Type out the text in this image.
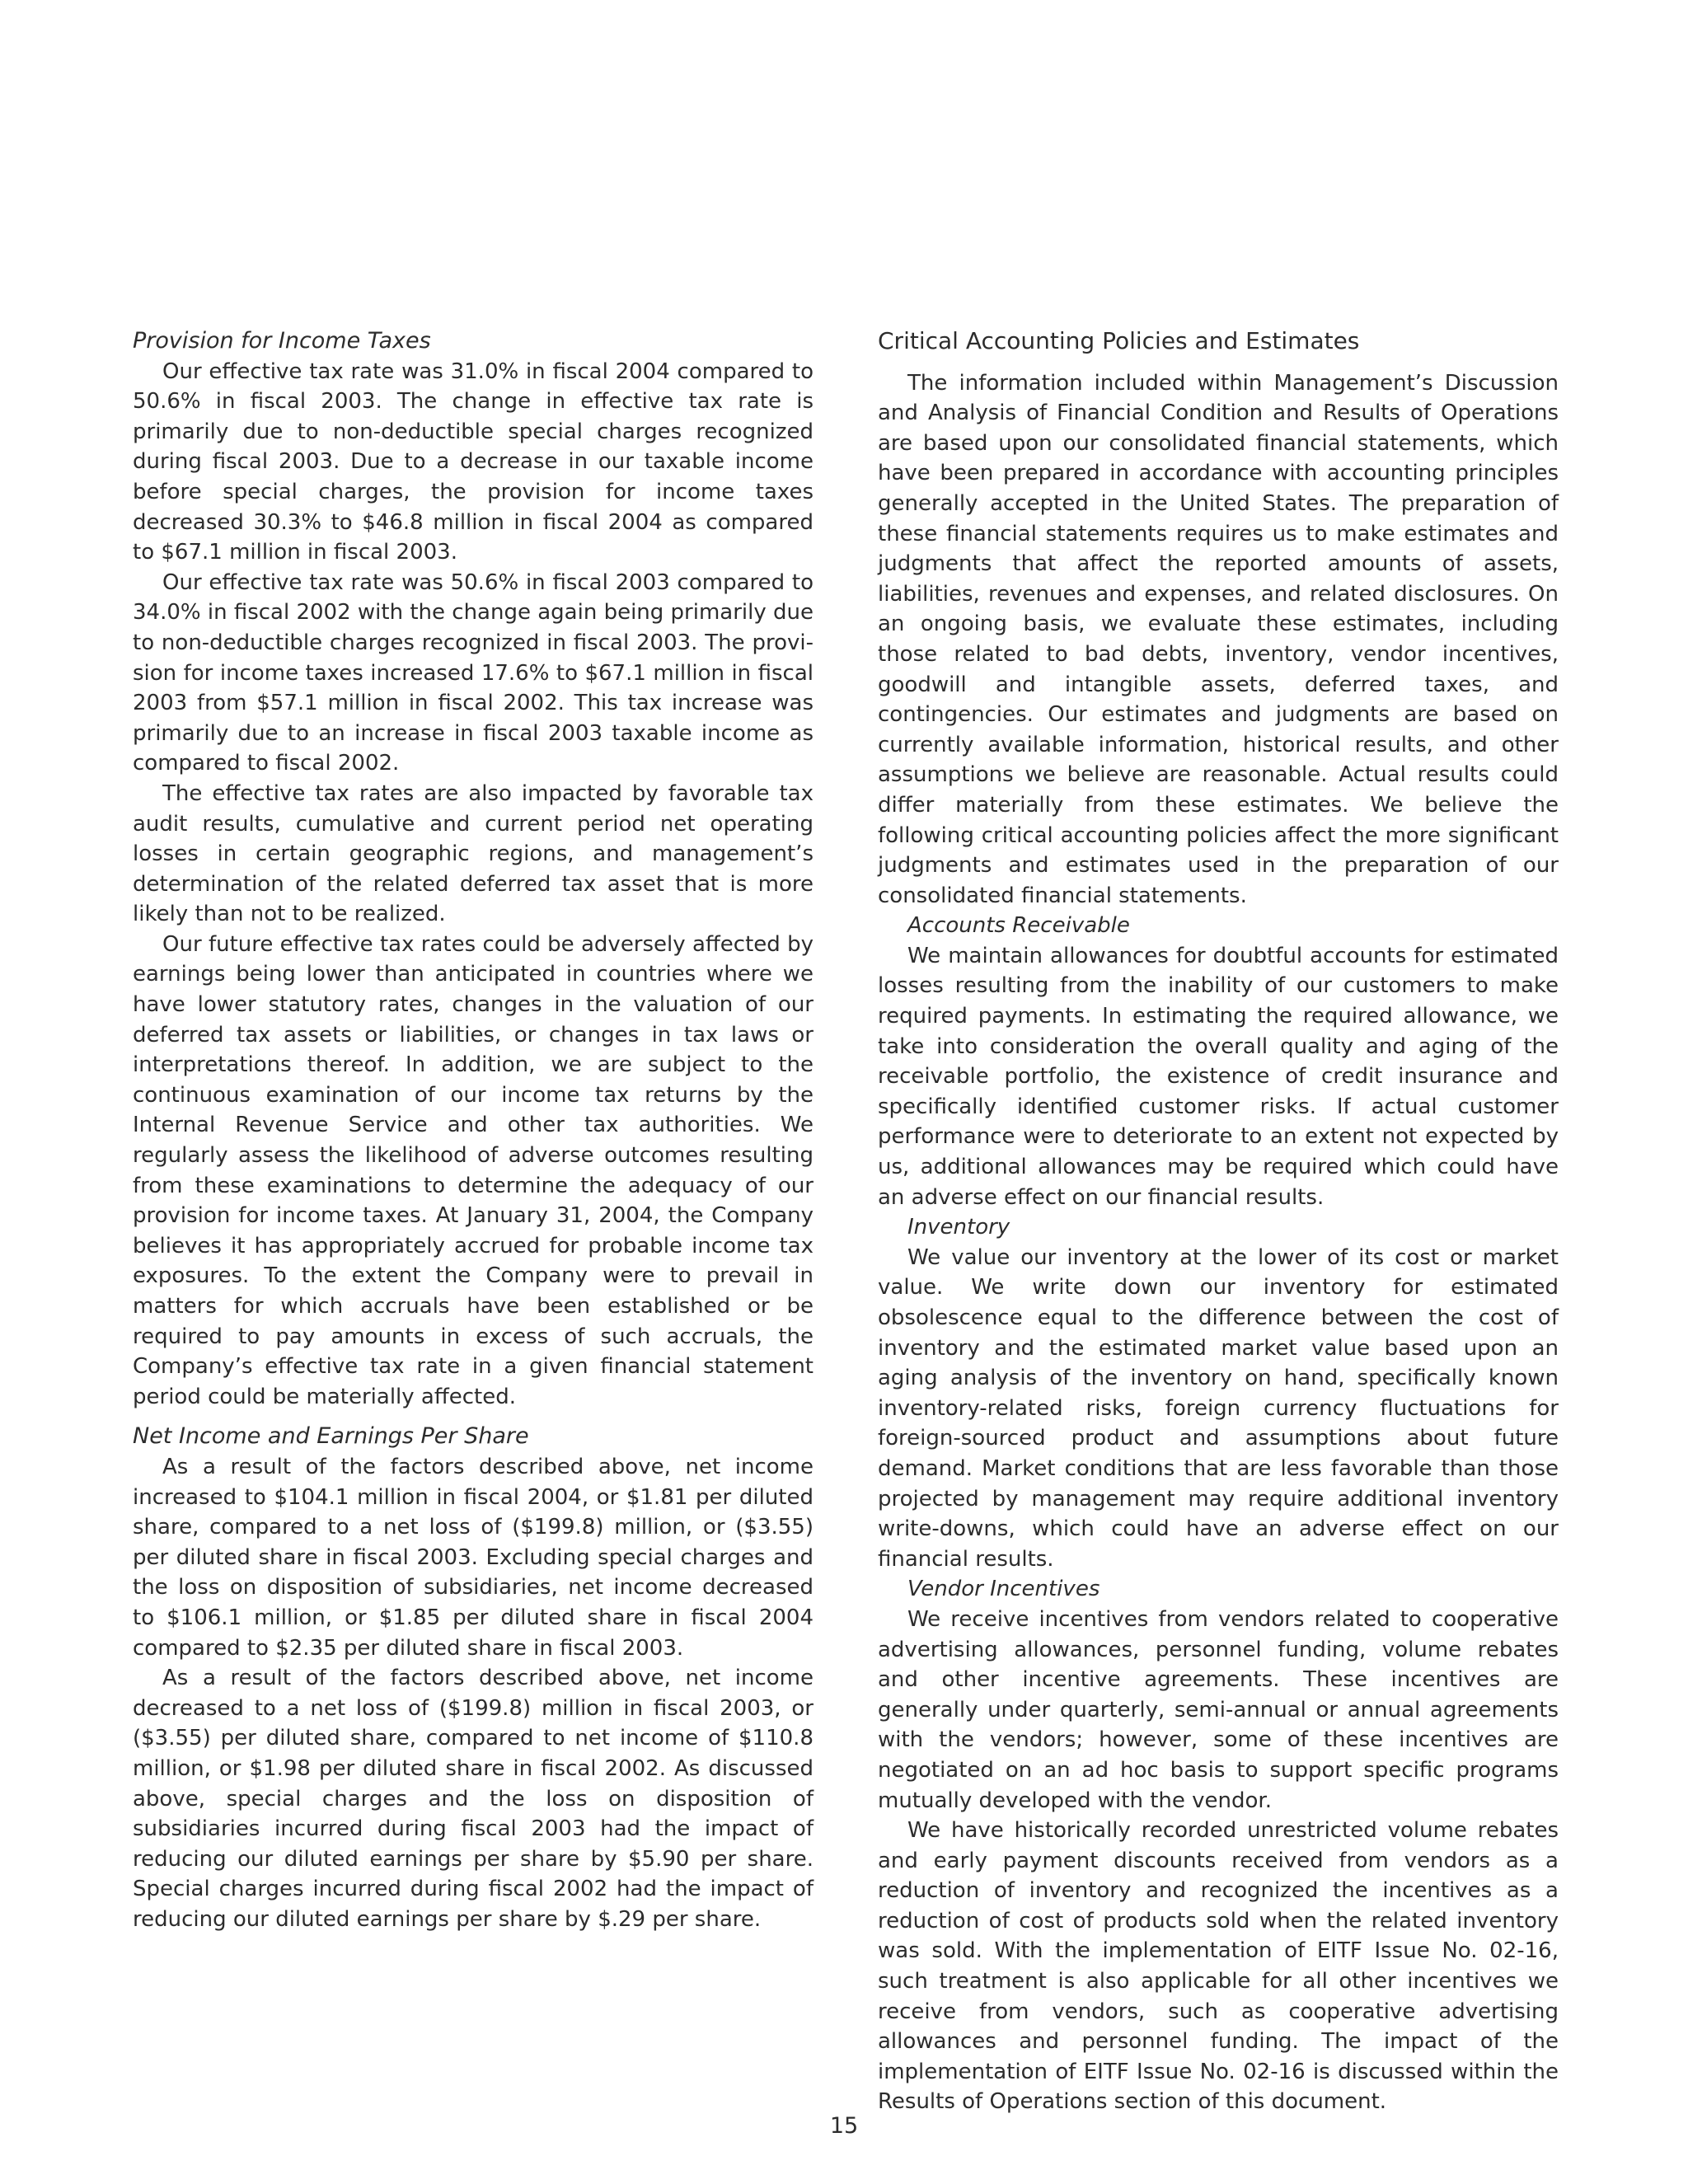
Provision for Income Taxes

Our effective tax rate was 31.0% in fiscal 2004 compared to 50.6% in fiscal 2003. The change in effective tax rate is primarily due to non-deductible special charges recognized during fiscal 2003. Due to a decrease in our taxable income before special charges, the provision for income taxes decreased 30.3% to $46.8 million in fiscal 2004 as compared to $67.1 million in fiscal 2003.

Our effective tax rate was 50.6% in fiscal 2003 compared to 34.0% in fiscal 2002 with the change again being primarily due to non-deductible charges recognized in fiscal 2003. The provision for income taxes increased 17.6% to $67.1 million in fiscal 2003 from $57.1 million in fiscal 2002. This tax increase was primarily due to an increase in fiscal 2003 taxable income as compared to fiscal 2002.

The effective tax rates are also impacted by favorable tax audit results, cumulative and current period net operating losses in certain geographic regions, and management’s determination of the related deferred tax asset that is more likely than not to be realized.

Our future effective tax rates could be adversely affected by earnings being lower than anticipated in countries where we have lower statutory rates, changes in the valuation of our deferred tax assets or liabilities, or changes in tax laws or interpretations thereof. In addition, we are subject to the continuous examination of our income tax returns by the Internal Revenue Service and other tax authorities. We regularly assess the likelihood of adverse outcomes resulting from these examinations to determine the adequacy of our provision for income taxes. At January 31, 2004, the Company believes it has appropriately accrued for probable income tax exposures. To the extent the Company were to prevail in matters for which accruals have been established or be required to pay amounts in excess of such accruals, the Company’s effective tax rate in a given financial statement period could be materially affected.

Net Income and Earnings Per Share

As a result of the factors described above, net income increased to $104.1 million in fiscal 2004, or $1.81 per diluted share, compared to a net loss of ($199.8) million, or ($3.55) per diluted share in fiscal 2003. Excluding special charges and the loss on disposition of subsidiaries, net income decreased to $106.1 million, or $1.85 per diluted share in fiscal 2004 compared to $2.35 per diluted share in fiscal 2003.

As a result of the factors described above, net income decreased to a net loss of ($199.8) million in fiscal 2003, or ($3.55) per diluted share, compared to net income of $110.8 million, or $1.98 per diluted share in fiscal 2002. As discussed above, special charges and the loss on disposition of subsidiaries incurred during fiscal 2003 had the impact of reducing our diluted earnings per share by $5.90 per share. Special charges incurred during fiscal 2002 had the impact of reducing our diluted earnings per share by $.29 per share.

Critical Accounting Policies and Estimates

The information included within Management’s Discussion and Analysis of Financial Condition and Results of Operations are based upon our consolidated financial statements, which have been prepared in accordance with accounting principles generally accepted in the United States. The preparation of these financial statements requires us to make estimates and judgments that affect the reported amounts of assets, liabilities, revenues and expenses, and related disclosures. On an ongoing basis, we evaluate these estimates, including those related to bad debts, inventory, vendor incentives, goodwill and intangible assets, deferred taxes, and contingencies. Our estimates and judgments are based on currently available information, historical results, and other assumptions we believe are reasonable. Actual results could differ materially from these estimates. We believe the following critical accounting policies affect the more significant judgments and estimates used in the preparation of our consolidated financial statements.

Accounts Receivable

We maintain allowances for doubtful accounts for estimated losses resulting from the inability of our customers to make required payments. In estimating the required allowance, we take into consideration the overall quality and aging of the receivable portfolio, the existence of credit insurance and specifically identified customer risks. If actual customer performance were to deteriorate to an extent not expected by us, additional allowances may be required which could have an adverse effect on our financial results.

Inventory

We value our inventory at the lower of its cost or market value. We write down our inventory for estimated obsolescence equal to the difference between the cost of inventory and the estimated market value based upon an aging analysis of the inventory on hand, specifically known inventory-related risks, foreign currency fluctuations for foreign-sourced product and assumptions about future demand. Market conditions that are less favorable than those projected by management may require additional inventory write-downs, which could have an adverse effect on our financial results.

Vendor Incentives

We receive incentives from vendors related to cooperative advertising allowances, personnel funding, volume rebates and other incentive agreements. These incentives are generally under quarterly, semi-annual or annual agreements with the vendors; however, some of these incentives are negotiated on an ad hoc basis to support specific programs mutually developed with the vendor.

We have historically recorded unrestricted volume rebates and early payment discounts received from vendors as a reduction of inventory and recognized the incentives as a reduction of cost of products sold when the related inventory was sold. With the implementation of EITF Issue No. 02-16, such treatment is also applicable for all other incentives we receive from vendors, such as cooperative advertising allowances and personnel funding. The impact of the implementation of EITF Issue No. 02-16 is discussed within the Results of Operations section of this document.

15
